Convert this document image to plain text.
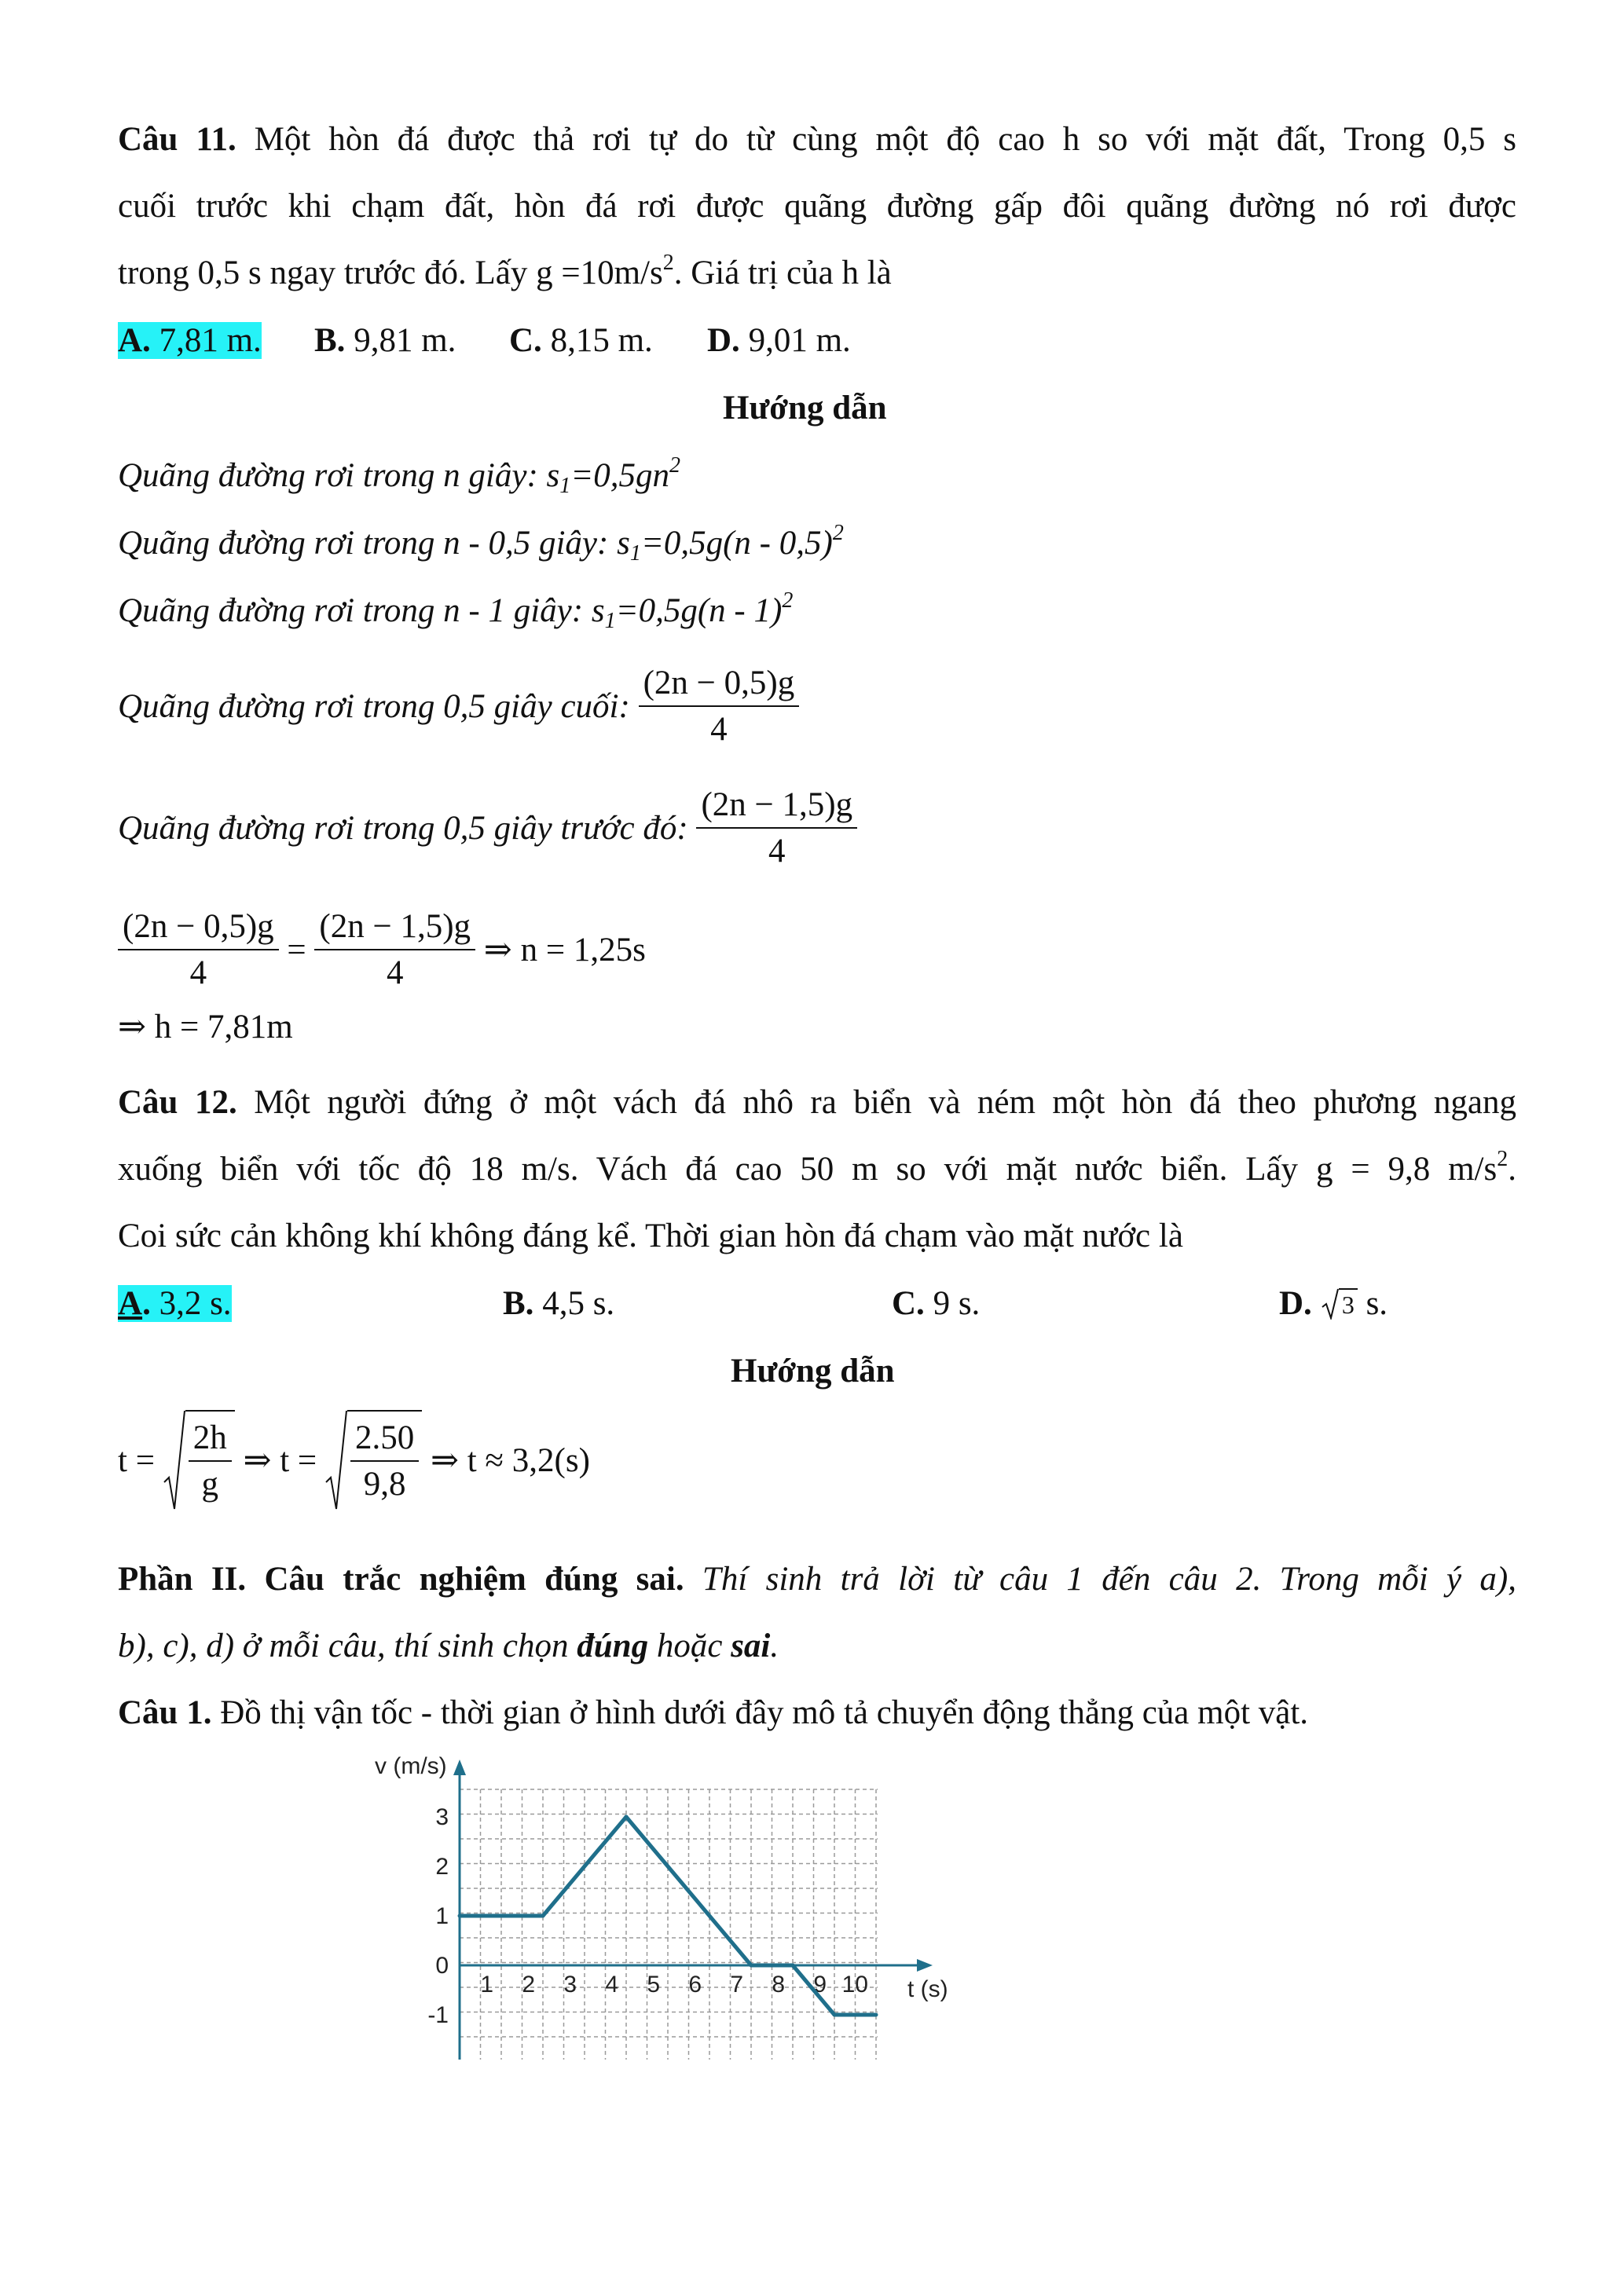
Câu 11. Một hòn đá được thả rơi tự do từ cùng một độ cao h so với mặt đất, Trong 0,5 s
cuối trước khi chạm đất, hòn đá rơi được quãng đường gấp đôi quãng đường nó rơi được
trong 0,5 s ngay trước đó. Lấy $g =10m/s^2$. Giá trị của h là
A. 7,81 m. B. 9,81 m. C. 8,15 m. D. 9,01 m.
Hướng dẫn
Quãng đường rơi trong n giây: $s_1=0,5gn^2$
Quãng đường rơi trong n - 0,5 giây: $s_1=0,5g(n - 0,5)^2$
Quãng đường rơi trong n - 1 giây: $s_1=0,5g(n - 1)^2$
Quãng đường rơi trong 0,5 giây cuối: $\frac{(2n - 0,5)g}{4}$
Quãng đường rơi trong 0,5 giây trước đó: $\frac{(2n - 1,5)g}{4}$
$\frac{(2n - 0,5)g}{4} = \frac{(2n - 1,5)g}{4}$ ⇒ n = 1,25s
⇒ h = 7,81m
Câu 12. Một người đứng ở một vách đá nhô ra biển và ném một hòn đá theo phương ngang
xuống biển với tốc độ 18 m/s. Vách đá cao 50 m so với mặt nước biển. Lấy g = 9,8 $m/s^2$.
Coi sức cản không khí không đáng kể. Thời gian hòn đá chạm vào mặt nước là
A. 3,2 s.	B. 4,5 s.	C. 9 s.	D. 3 s.
Hướng dẫn
$t = \frac{2h}{g}$ ⇒ $t = \frac{2.50}{9,8}$ ⇒ t ≈ 3,2(s)
Phần II. Câu trắc nghiệm đúng sai. Thí sinh trả lời từ câu 1 đến câu 2. Trong mỗi ý a),
b), c), d) ở mỗi câu, thí sinh chọn đúng hoặc sai.
Câu 1. Đồ thị vận tốc - thời gian ở hình dưới đây mô tả chuyển động thẳng của một vật.
1 2 3 4 5 6 7 8 9 10
3
2
1
0
-1
v (m/s)
t (s)
